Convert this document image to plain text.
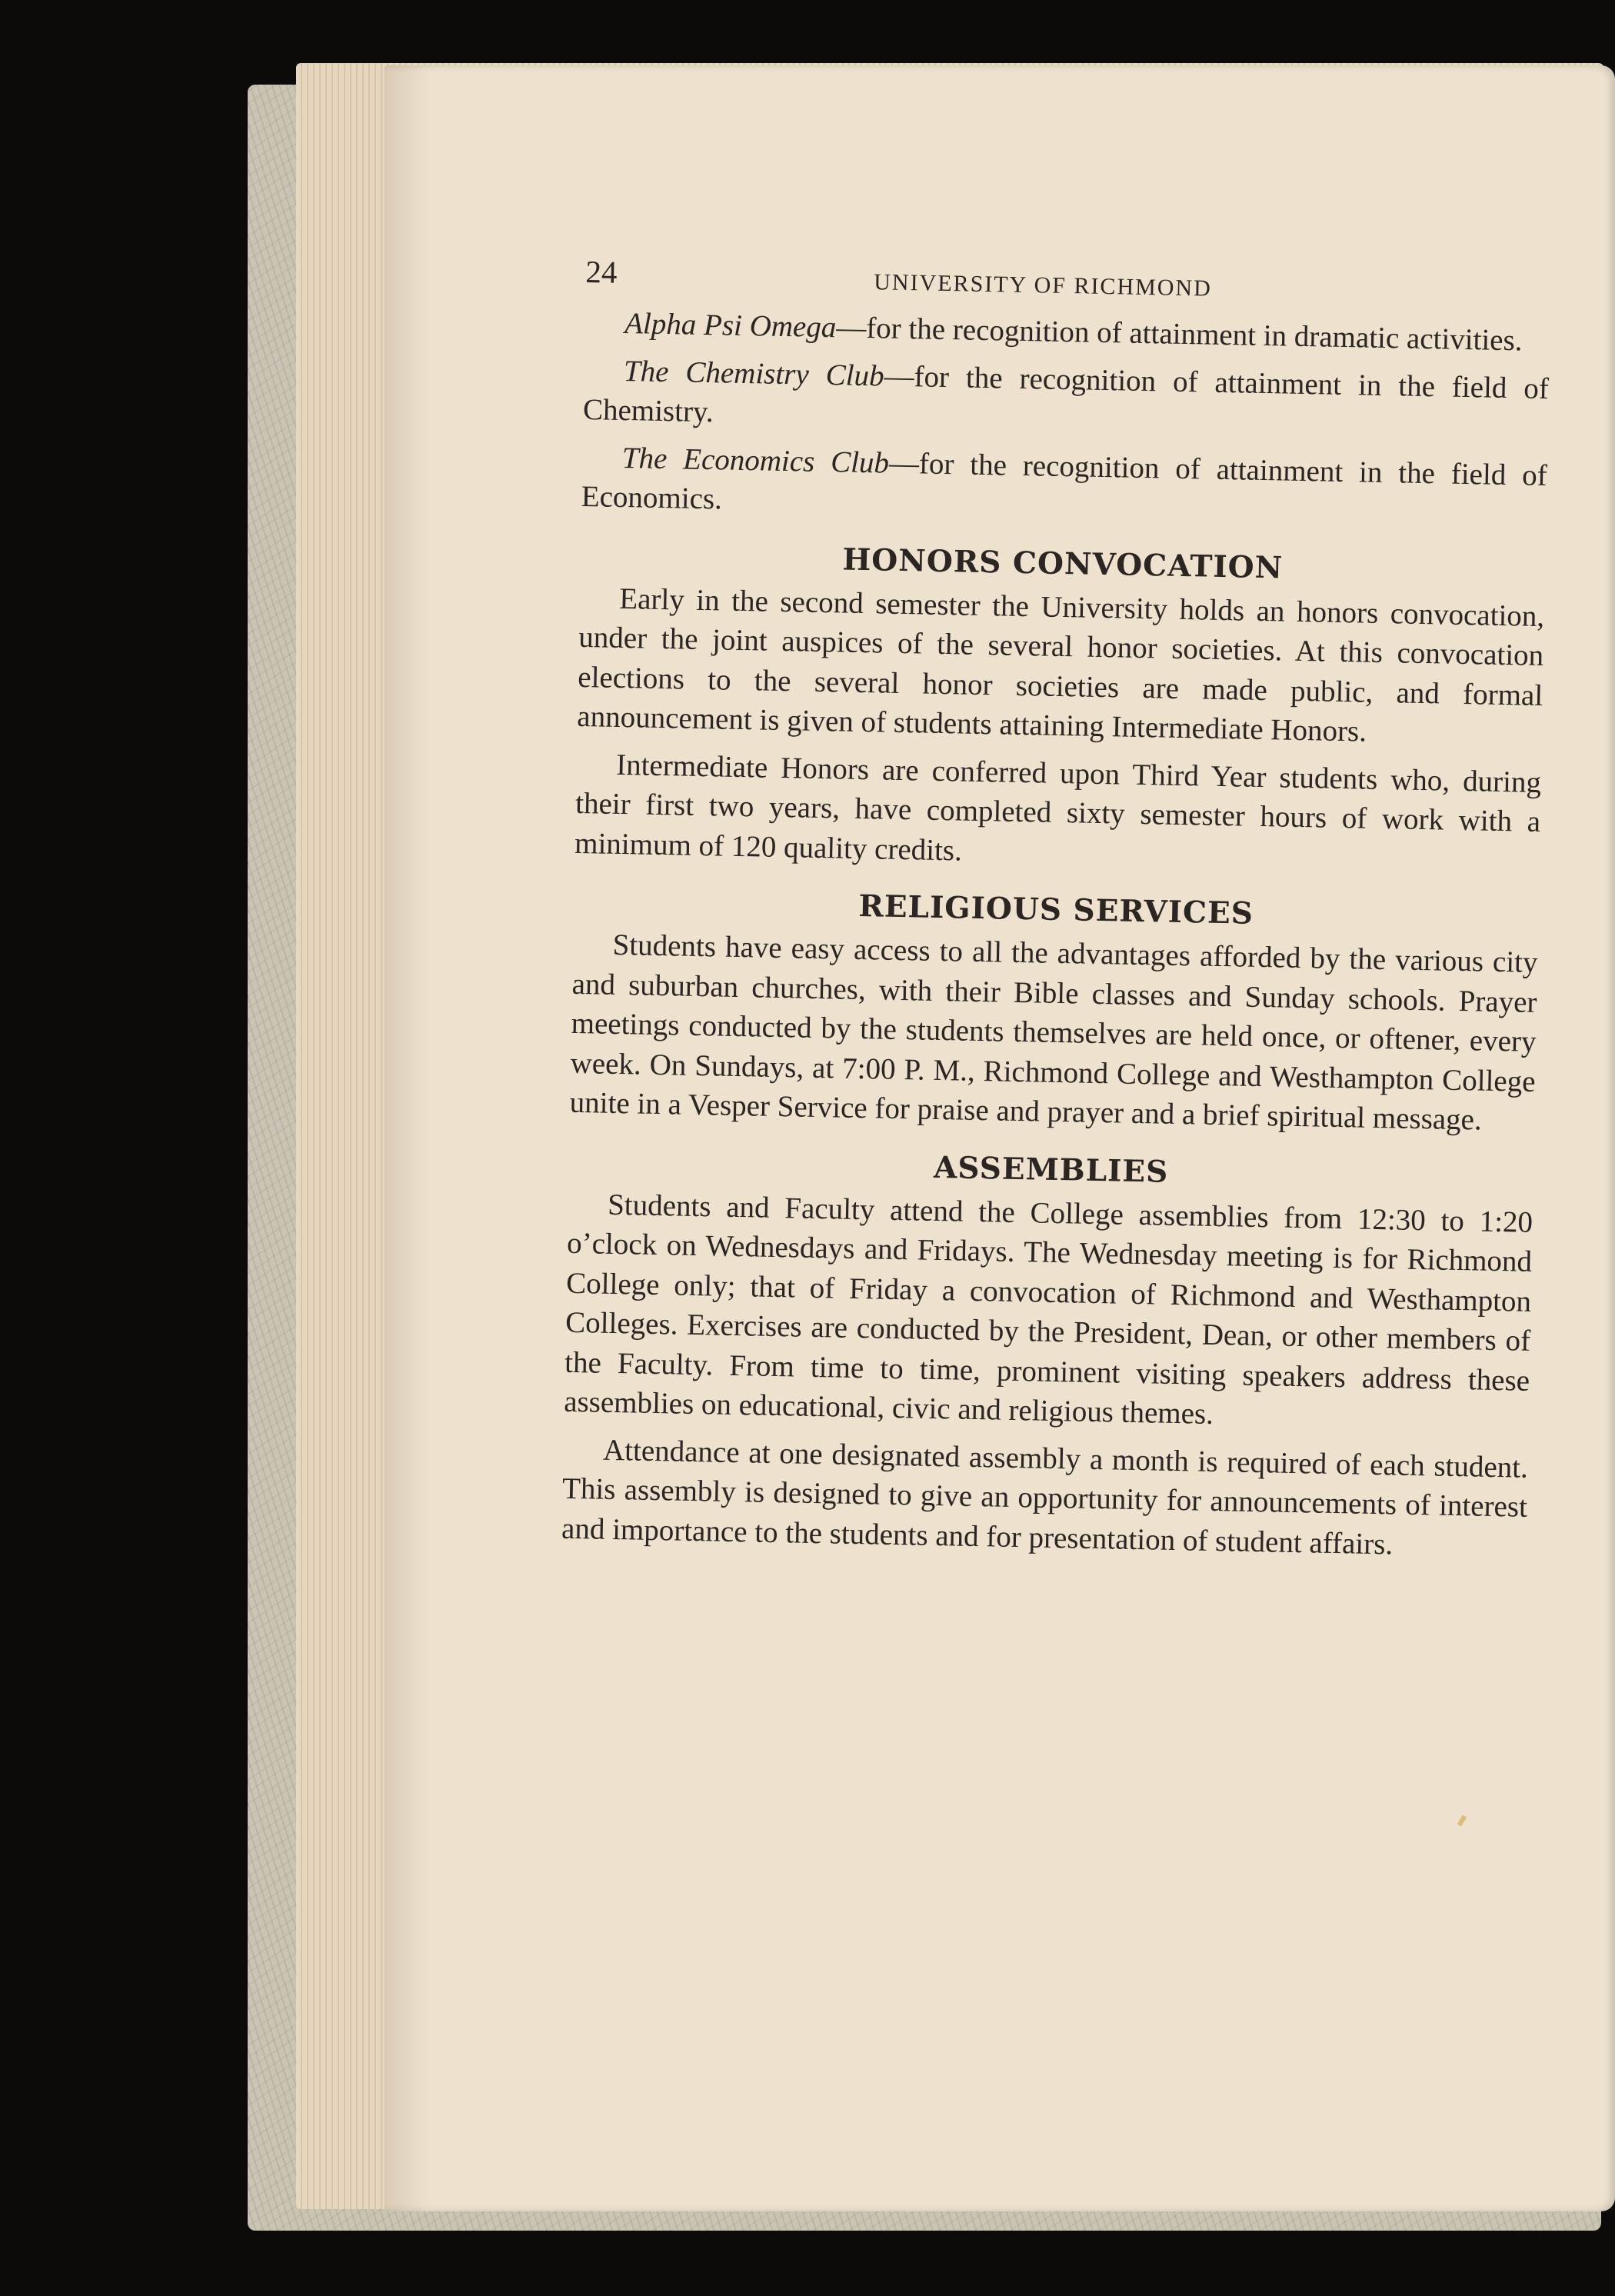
24	UNIVERSITY OF RICHMOND

Alpha Psi Omega—for the recognition of attainment in dramatic activities.

The Chemistry Club—for the recognition of attainment in the field of Chemistry.

The Economics Club—for the recognition of attainment in the field of Economics.

HONORS CONVOCATION

Early in the second semester the University holds an honors convocation, under the joint auspices of the several honor societies. At this convocation elections to the several honor societies are made public, and formal announcement is given of students attaining Intermediate Honors.

Intermediate Honors are conferred upon Third Year students who, during their first two years, have completed sixty semester hours of work with a minimum of 120 quality credits.

RELIGIOUS SERVICES

Students have easy access to all the advantages afforded by the various city and suburban churches, with their Bible classes and Sunday schools. Prayer meetings conducted by the students themselves are held once, or oftener, every week. On Sundays, at 7:00 P. M., Richmond College and Westhampton College unite in a Vesper Service for praise and prayer and a brief spiritual message.

ASSEMBLIES

Students and Faculty attend the College assemblies from 12:30 to 1:20 o’clock on Wednesdays and Fridays. The Wednesday meeting is for Richmond College only; that of Friday a convocation of Richmond and Westhampton Colleges. Exercises are conducted by the President, Dean, or other members of the Faculty. From time to time, prominent visiting speakers address these assemblies on educational, civic and religious themes.

Attendance at one designated assembly a month is required of each student. This assembly is designed to give an opportunity for announcements of interest and importance to the students and for presentation of student affairs.
